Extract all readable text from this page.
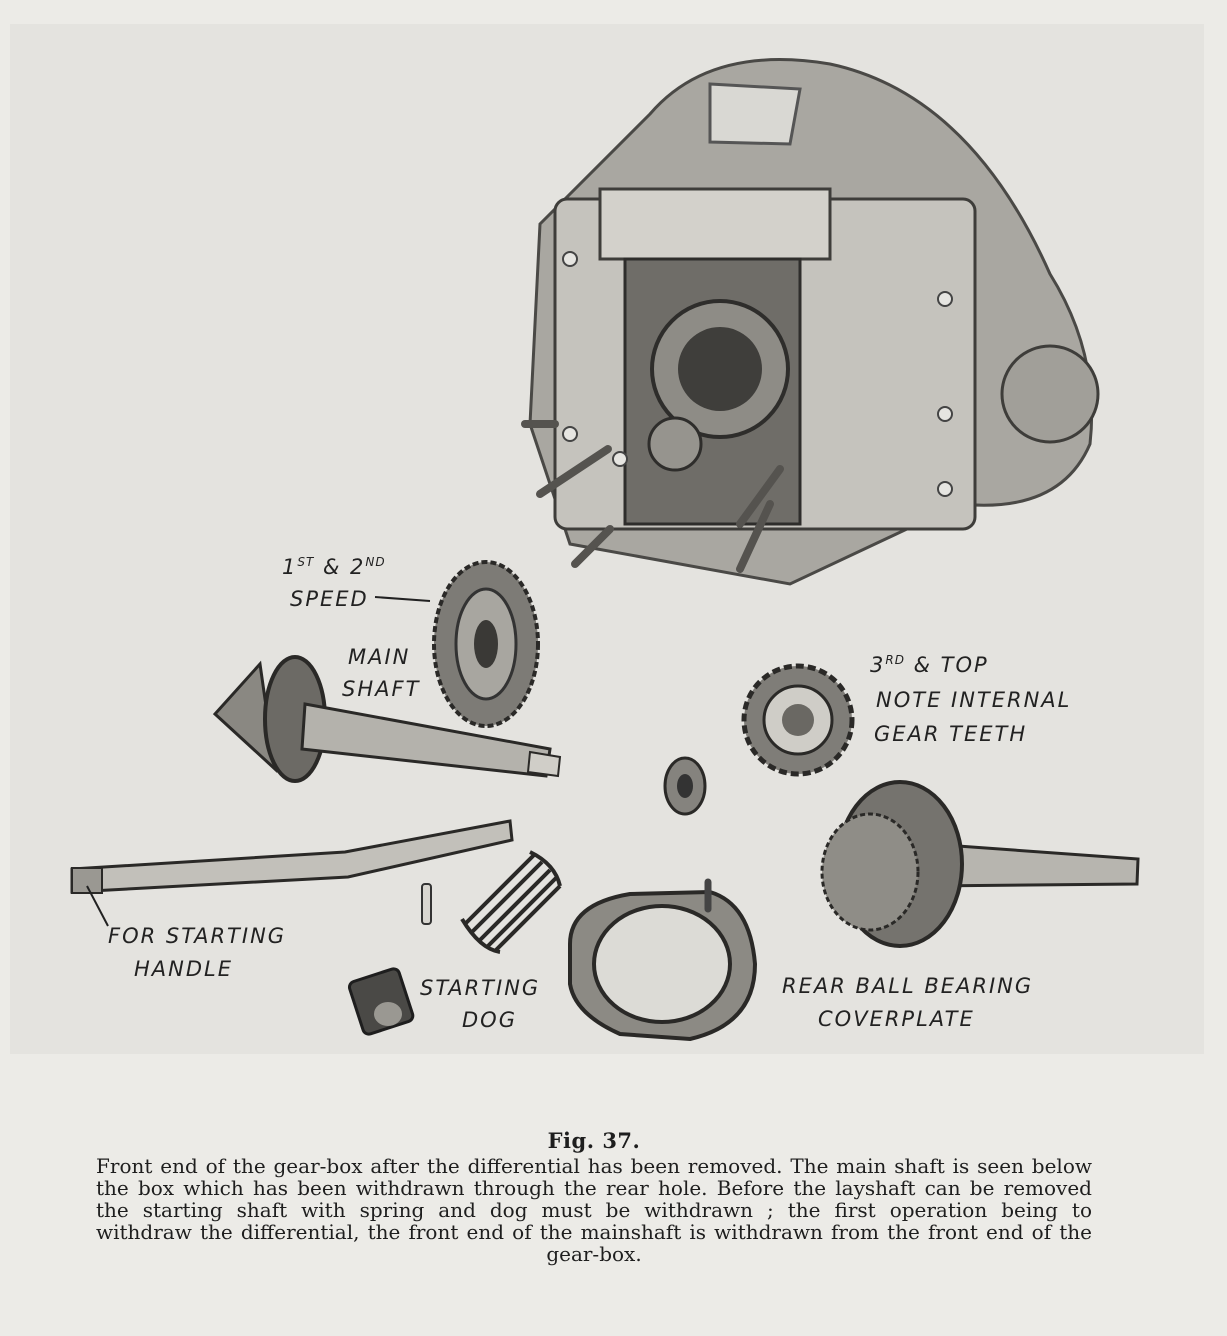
1ST & 2ND
SPEED
MAIN
SHAFT
3RD & TOP
NOTE INTERNAL
GEAR TEETH
FOR STARTING
HANDLE
STARTING
DOG
REAR BALL BEARING
COVERPLATE

Fig. 37.

Front end of the gear-box after the differential has been removed. The main shaft is seen below the box which has been withdrawn through the rear hole. Before the layshaft can be removed the starting shaft with spring and dog must be withdrawn ; the first operation being to withdraw the differential, the front end of the mainshaft is withdrawn from the front end of the gear-box.
